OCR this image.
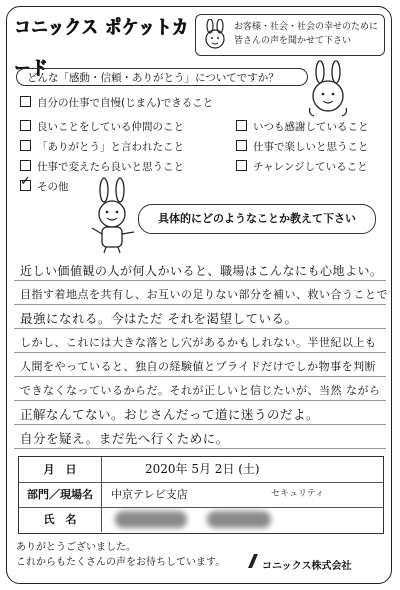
コニックス ポケットカード
お客様・社会・社会の幸せのために
皆さんの声を聞かせて下さい
どんな「感動・信頼・ありがとう」についてですか？
自分の仕事で自慢(じまん)できること
良いことをしている仲間のこと
「ありがとう」と言われたこと
仕事で変えたら良いと思うこと
✓その他
いつも感謝していること
仕事で楽しいと思うこと
チャレンジしていること
具体的にどのようなことか教えて下さい
近しい価値観の人が何人かいると、職場はこんなにも心地よい。
目指す着地点を共有し、お互いの足りない部分を補い、救い合うことで
最強になれる。今はただ それを渇望している。
しかし、これには大きな落とし穴があるかもしれない。半世紀以上も
人間をやっていると、独自の経験値とプライドだけでしか物事を判断
できなくなっているからだ。それが正しいと信じたいが、当然 ながら
正解なんてない。おじさんだって道に迷うのだよ。
自分を疑え。まだ先へ行くために。
月　日	2020年 5月 2日 (土)
部門／現場名	中京テレビ支店	セキュリティ
氏　名
ありがとうございました。
これからもたくさんの声をお待ちしています。	コニックス株式会社
